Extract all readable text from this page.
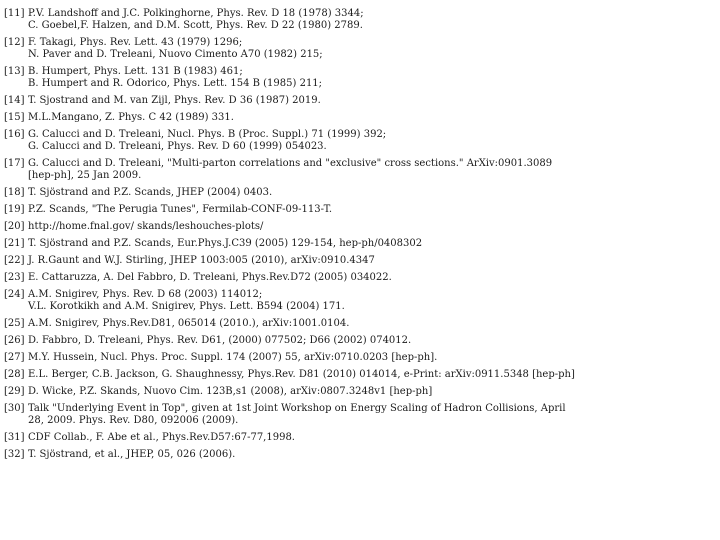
[11] P.V. Landshoff and J.C. Polkinghorne, Phys. Rev. D 18 (1978) 3344;
C. Goebel,F. Halzen, and D.M. Scott, Phys. Rev. D 22 (1980) 2789.
[12] F. Takagi, Phys. Rev. Lett. 43 (1979) 1296;
N. Paver and D. Treleani, Nuovo Cimento A70 (1982) 215;
[13] B. Humpert, Phys. Lett. 131 B (1983) 461;
B. Humpert and R. Odorico, Phys. Lett. 154 B (1985) 211;
[14] T. Sjostrand and M. van Zijl, Phys. Rev. D 36 (1987) 2019.
[15] M.L.Mangano, Z. Phys. C 42 (1989) 331.
[16] G. Calucci and D. Treleani, Nucl. Phys. B (Proc. Suppl.) 71 (1999) 392;
G. Calucci and D. Treleani, Phys. Rev. D 60 (1999) 054023.
[17] G. Calucci and D. Treleani, "Multi-parton correlations and "exclusive" cross sections." ArXiv:0901.3089
[hep-ph], 25 Jan 2009.
[18] T. Sjöstrand and P.Z. Scands, JHEP (2004) 0403.
[19] P.Z. Scands, "The Perugia Tunes", Fermilab-CONF-09-113-T.
[20] http://home.fnal.gov/ skands/leshouches-plots/
[21] T. Sjöstrand and P.Z. Scands, Eur.Phys.J.C39 (2005) 129-154, hep-ph/0408302
[22] J. R.Gaunt and W.J. Stirling, JHEP 1003:005 (2010), arXiv:0910.4347
[23] E. Cattaruzza, A. Del Fabbro, D. Treleani, Phys.Rev.D72 (2005) 034022.
[24] A.M. Snigirev, Phys. Rev. D 68 (2003) 114012;
V.L. Korotkikh and A.M. Snigirev, Phys. Lett. B594 (2004) 171.
[25] A.M. Snigirev, Phys.Rev.D81, 065014 (2010.), arXiv:1001.0104.
[26] D. Fabbro, D. Treleani, Phys. Rev. D61, (2000) 077502; D66 (2002) 074012.
[27] M.Y. Hussein, Nucl. Phys. Proc. Suppl. 174 (2007) 55, arXiv:0710.0203 [hep-ph].
[28] E.L. Berger, C.B. Jackson, G. Shaughnessy, Phys.Rev. D81 (2010) 014014, e-Print: arXiv:0911.5348 [hep-ph]
[29] D. Wicke, P.Z. Skands, Nuovo Cim. 123B,s1 (2008), arXiv:0807.3248v1 [hep-ph]
[30] Talk "Underlying Event in Top", given at 1st Joint Workshop on Energy Scaling of Hadron Collisions, April
28, 2009. Phys. Rev. D80, 092006 (2009).
[31] CDF Collab., F. Abe et al., Phys.Rev.D57:67-77,1998.
[32] T. Sjöstrand, et al., JHEP, 05, 026 (2006).
